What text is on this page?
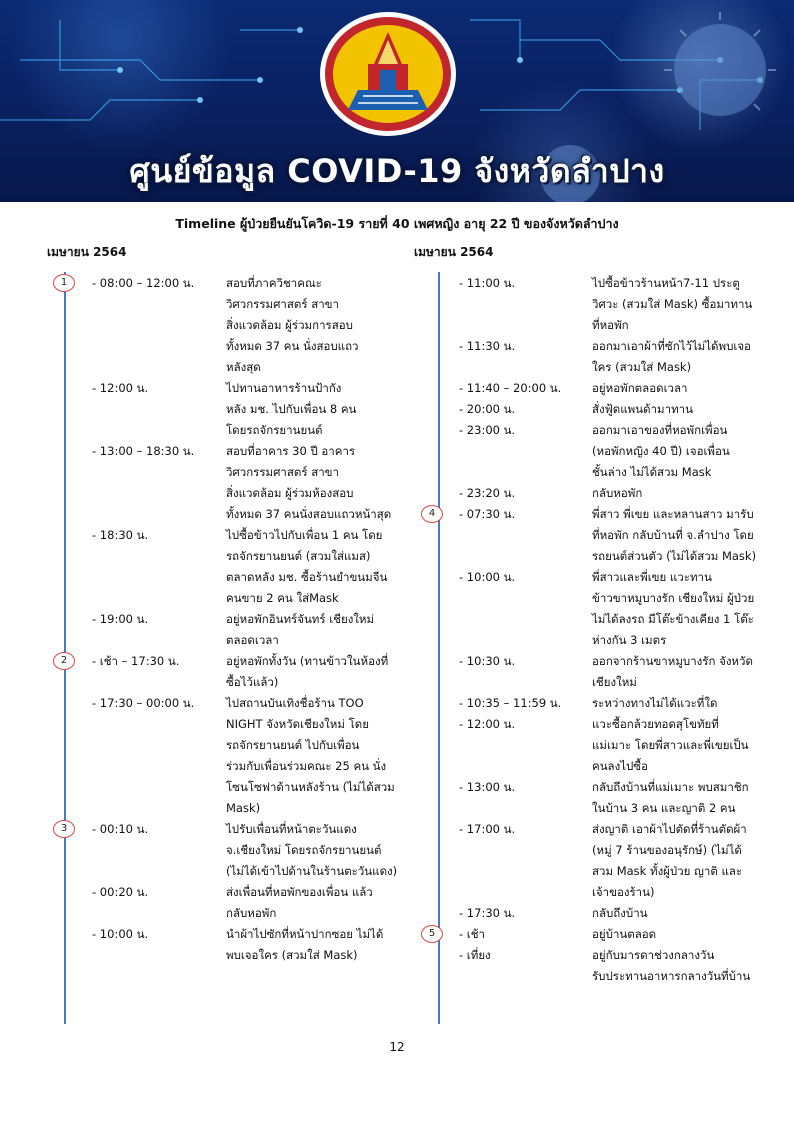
ศูนย์ข้อมูล COVID-19 จังหวัดลำปาง
Timeline ผู้ป่วยยืนยันโควิด-19 รายที่ 40 เพศหญิง อายุ 22 ปี ของจังหวัดลำปาง
เมษายน 2564	เมษายน 2564
1	- 08:00 – 12:00 น.	สอบที่ภาควิชาคณะ
วิศวกรรมศาสตร์ สาขา
สิ่งแวดล้อม ผู้ร่วมการสอบ
ทั้งหมด 37 คน นั่งสอบแถว
หลังสุด
- 12:00 น.	ไปทานอาหารร้านป้ากัง
หลัง มช. ไปกับเพื่อน 8 คน
โดยรถจักรยานยนต์
- 13:00 – 18:30 น.	สอบที่อาคาร 30 ปี อาคาร
วิศวกรรมศาสตร์ สาขา
สิ่งแวดล้อม ผู้ร่วมห้องสอบ
ทั้งหมด 37 คนนั่งสอบแถวหน้าสุด
- 18:30 น.	ไปซื้อข้าวไปกับเพื่อน 1 คน โดย
รถจักรยานยนต์ (สวมใส่แมส)
ตลาดหลัง มช. ซื้อร้านยำขนมจีน
คนขาย 2 คน ใส่Mask
- 19:00 น.	อยู่หอพักอินทร์จันทร์ เชียงใหม่
ตลอดเวลา
2	- เช้า – 17:30 น.	อยู่หอพักทั้งวัน (ทานข้าวในห้องที่
ซื้อไว้แล้ว)
- 17:30 – 00:00 น.	ไปสถานบันเทิงชื่อร้าน TOO
NIGHT จังหวัดเชียงใหม่ โดย
รถจักรยานยนต์ ไปกับเพื่อน
ร่วมกับเพื่อนร่วมคณะ 25 คน นั่ง
โซนโซฟาด้านหลังร้าน (ไม่ได้สวม
Mask)
3	- 00:10 น.	ไปรับเพื่อนที่หน้าตะวันแดง
จ.เชียงใหม่ โดยรถจักรยานยนต์
(ไม่ได้เข้าไปด้านในร้านตะวันแดง)
- 00:20 น.	ส่งเพื่อนที่หอพักของเพื่อน แล้ว
กลับหอพัก
- 10:00 น.	นำผ้าไปซักที่หน้าปากซอย ไม่ได้
พบเจอใคร (สวมใส่ Mask)
- 11:00 น.	ไปซื้อข้าวร้านหน้า7-11 ประตู
วิศวะ (สวมใส่ Mask) ซื้อมาทาน
ที่หอพัก
- 11:30 น.	ออกมาเอาผ้าที่ซักไว้ไม่ได้พบเจอ
ใคร (สวมใส่ Mask)
- 11:40 – 20:00 น.	อยู่หอพักตลอดเวลา
- 20:00 น.	สั่งฟู้ดแพนด้ามาทาน
- 23:00 น.	ออกมาเอาของที่หอพักเพื่อน
(หอพักหญิง 40 ปี) เจอเพื่อน
ชั้นล่าง ไม่ได้สวม Mask
- 23:20 น.	กลับหอพัก
4	- 07:30 น.	พี่สาว พี่เขย และหลานสาว มารับ
ที่หอพัก กลับบ้านที่ จ.ลำปาง โดย
รถยนต์ส่วนตัว (ไม่ได้สวม Mask)
- 10:00 น.	พี่สาวและพี่เขย แวะทาน
ข้าวขาหมูบางรัก เชียงใหม่ ผู้ป่วย
ไม่ได้ลงรถ มีโต๊ะข้างเคียง 1 โต๊ะ
ห่างกัน 3 เมตร
- 10:30 น.	ออกจากร้านขาหมูบางรัก จังหวัด
เชียงใหม่
- 10:35 – 11:59 น.	ระหว่างทางไม่ได้แวะที่ใด
- 12:00 น.	แวะซื้อกล้วยทอดสุโขทัยที่
แม่เมาะ โดยพี่สาวและพี่เขยเป็น
คนลงไปซื้อ
- 13:00 น.	กลับถึงบ้านที่แม่เมาะ พบสมาชิก
ในบ้าน 3 คน และญาติ 2 คน
- 17:00 น.	ส่งญาติ เอาผ้าไปตัดที่ร้านตัดผ้า
(หมู่ 7 ร้านของอนุรักษ์) (ไม่ได้
สวม Mask ทั้งผู้ป่วย ญาติ และ
เจ้าของร้าน)
- 17:30 น.	กลับถึงบ้าน
5	- เช้า	อยู่บ้านตลอด
- เที่ยง	อยู่กับมารดาช่วงกลางวัน
รับประทานอาหารกลางวันที่บ้าน
12
